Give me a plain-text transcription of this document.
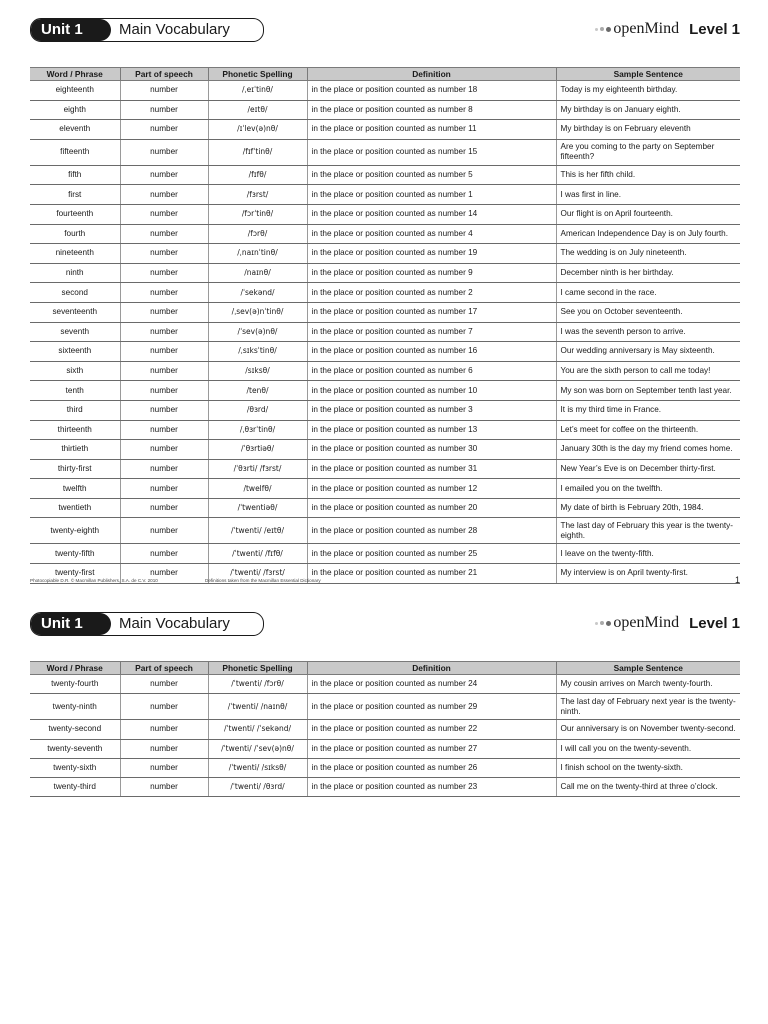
Unit 1	Main Vocabulary	open Mind Level 1
Word / Phrase	Part of speech	Phonetic Spelling	Definition	Sample Sentence
eighteenth	number	/ˌeɪˈtinθ/	in the place or position counted as number 18	Today is my eighteenth birthday.
eighth	number	/eɪtθ/	in the place or position counted as number 8	My birthday is on January eighth.
eleventh	number	/ɪˈlev(ə)nθ/	in the place or position counted as number 11	My birthday is on February eleventh
fifteenth	number	/fɪfˈtinθ/	in the place or position counted as number 15	Are you coming to the party on September fifteenth?
fifth	number	/fɪfθ/	in the place or position counted as number 5	This is her fifth child.
first	number	/fɜrst/	in the place or position counted as number 1	I was first in line.
fourteenth	number	/fɔrˈtinθ/	in the place or position counted as number 14	Our flight is on April fourteenth.
fourth	number	/fɔrθ/	in the place or position counted as number 4	American Independence Day is on July fourth.
nineteenth	number	/ˌnaɪnˈtinθ/	in the place or position counted as number 19	The wedding is on July nineteenth.
ninth	number	/naɪnθ/	in the place or position counted as number 9	December ninth is her birthday.
second	number	/ˈsekənd/	in the place or position counted as number 2	I came second in the race.
seventeenth	number	/ˌsev(ə)nˈtinθ/	in the place or position counted as number 17	See you on October seventeenth.
seventh	number	/ˈsev(ə)nθ/	in the place or position counted as number 7	I was the seventh person to arrive.
sixteenth	number	/ˌsɪksˈtinθ/	in the place or position counted as number 16	Our wedding anniversary is May sixteenth.
sixth	number	/sɪksθ/	in the place or position counted as number 6	You are the sixth person to call me today!
tenth	number	/tenθ/	in the place or position counted as number 10	My son was born on September tenth last year.
third	number	/θɜrd/	in the place or position counted as number 3	It is my third time in France.
thirteenth	number	/ˌθɜrˈtinθ/	in the place or position counted as number 13	Let’s meet for coffee on the thirteenth.
thirtieth	number	/ˈθɜrtiəθ/	in the place or position counted as number 30	January 30th is the day my friend comes home.
thirty-first	number	/ˈθɜrti/ /fɜrst/	in the place or position counted as number 31	New Year’s Eve is on December thirty-first.
twelfth	number	/twelfθ/	in the place or position counted as number 12	I emailed you on the twelfth.
twentieth	number	/ˈtwentiəθ/	in the place or position counted as number 20	My date of birth is February 20th, 1984.
twenty-eighth	number	/ˈtwenti/ /eɪtθ/	in the place or position counted as number 28	The last day of February this year is the twenty-eighth.
twenty-fifth	number	/ˈtwenti/ /fɪfθ/	in the place or position counted as number 25	I leave on the twenty-fifth.
twenty-first	number	/ˈtwenti/ /fɜrst/	in the place or position counted as number 21	My interview is on April twenty-first.
Photocopiable D.R. © Macmillan Publishers, S.A. de C.V. 2010	Definitions taken from the Macmillan Essential Dictionary	1
Unit 1	Main Vocabulary	open Mind Level 1
Word / Phrase	Part of speech	Phonetic Spelling	Definition	Sample Sentence
twenty-fourth	number	/ˈtwenti/ /fɔrθ/	in the place or position counted as number 24	My cousin arrives on March twenty-fourth.
twenty-ninth	number	/ˈtwenti/ /naɪnθ/	in the place or position counted as number 29	The last day of February next year is the twenty-ninth.
twenty-second	number	/ˈtwenti/ /ˈsekənd/	in the place or position counted as number 22	Our anniversary is on November twenty-second.
twenty-seventh	number	/ˈtwenti/ /ˈsev(ə)nθ/	in the place or position counted as number 27	I will call you on the twenty-seventh.
twenty-sixth	number	/ˈtwenti/ /sɪksθ/	in the place or position counted as number 26	I finish school on the twenty-sixth.
twenty-third	number	/ˈtwenti/ /θɜrd/	in the place or position counted as number 23	Call me on the twenty-third at three o’clock.
